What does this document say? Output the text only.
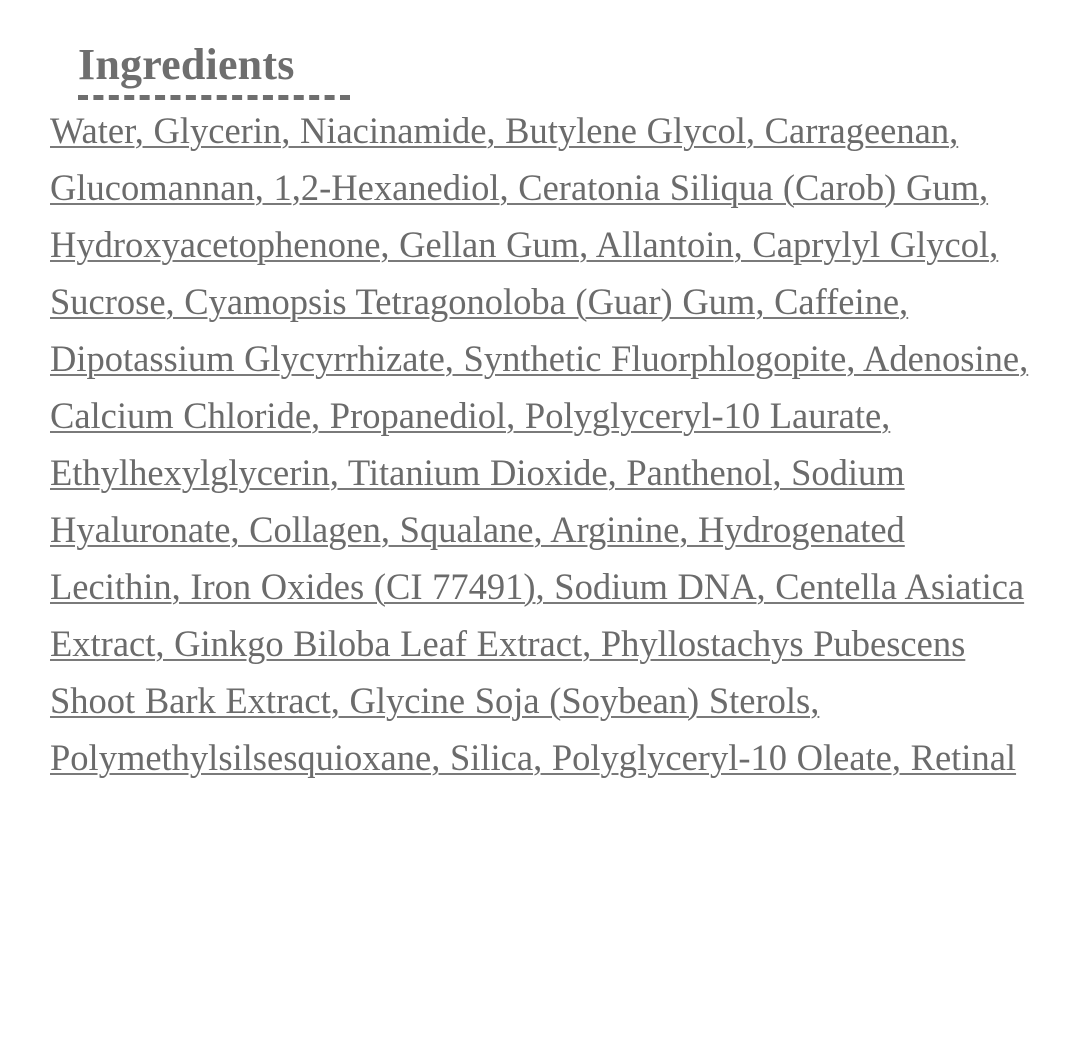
Ingredients

Water, Glycerin, Niacinamide, Butylene Glycol, Carrageenan, Glucomannan, 1,2-Hexanediol, Ceratonia Siliqua (Carob) Gum, Hydroxyacetophenone, Gellan Gum, Allantoin, Caprylyl Glycol, Sucrose, Cyamopsis Tetragonoloba (Guar) Gum, Caffeine, Dipotassium Glycyrrhizate, Synthetic Fluorphlogopite, Adenosine, Calcium Chloride, Propanediol, Polyglyceryl-10 Laurate, Ethylhexylglycerin, Titanium Dioxide, Panthenol, Sodium Hyaluronate, Collagen, Squalane, Arginine, Hydrogenated Lecithin, Iron Oxides (CI 77491), Sodium DNA, Centella Asiatica Extract, Ginkgo Biloba Leaf Extract, Phyllostachys Pubescens Shoot Bark Extract, Glycine Soja (Soybean) Sterols, Polymethylsilsesquioxane, Silica, Polyglyceryl-10 Oleate, Retinal
